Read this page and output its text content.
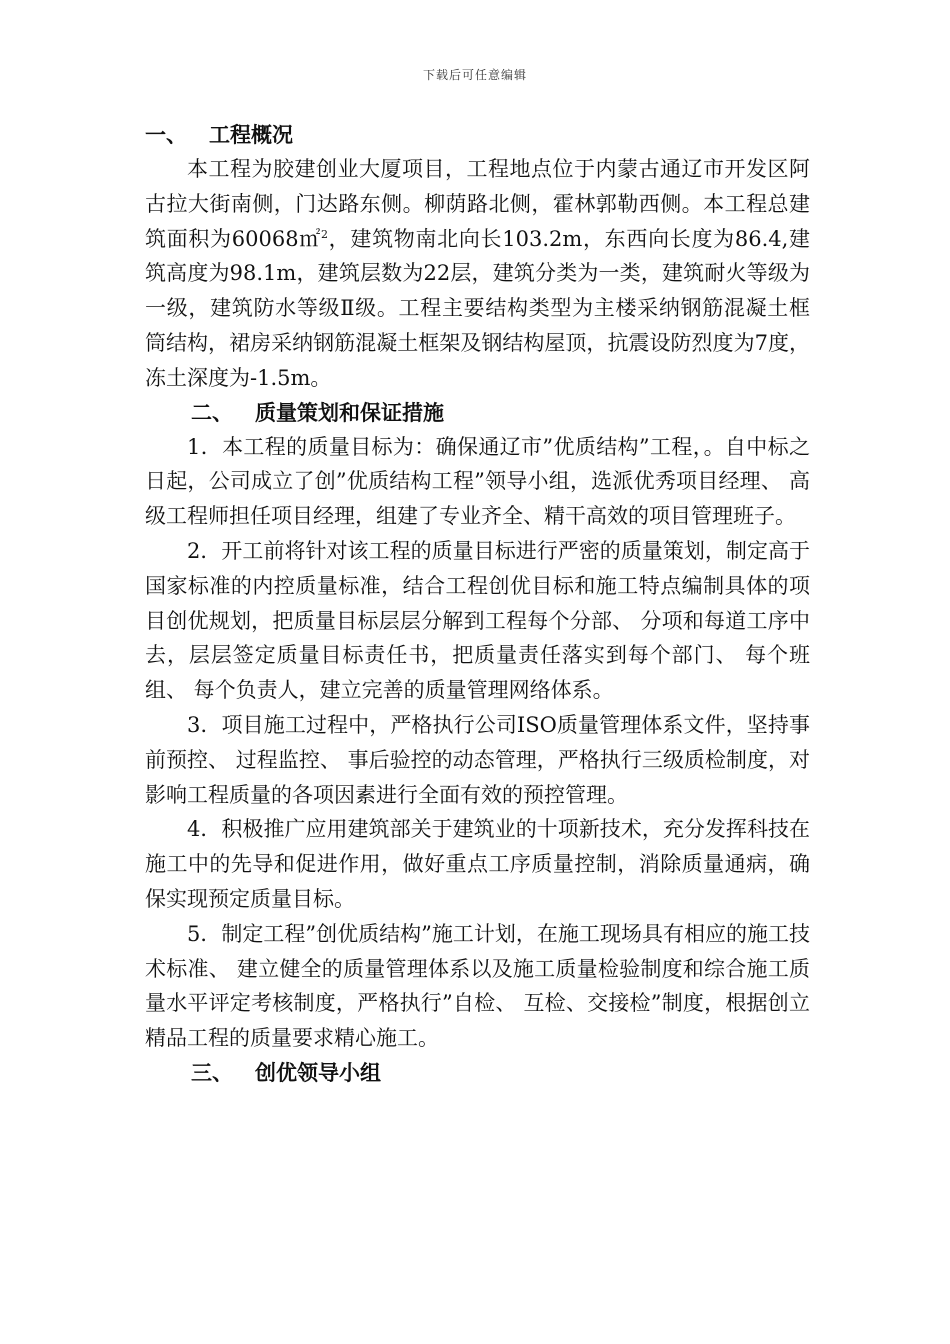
下载后可任意编辑
一、 工程概况

本工程为胶建创业大厦项目，工程地点位于内蒙古通辽市开发区阿古拉大街南侧，门达路东侧。柳荫路北侧，霍林郭勒西侧。本工程总建筑面积为60068㎡$^2$，建筑物南北向长103.2m，东西向长度为86.4,建筑高度为98.1m，建筑层数为22层，建筑分类为一类，建筑耐火等级为一级，建筑防水等级Ⅱ级。工程主要结构类型为主楼采纳钢筋混凝土框筒结构，裙房采纳钢筋混凝土框架及钢结构屋顶，抗震设防烈度为7度，冻土深度为-1.5m。

二、 质量策划和保证措施

1．本工程的质量目标为：确保通辽市”优质结构”工程，。自中标之日起，公司成立了创”优质结构工程”领导小组，选派优秀项目经理、 高级工程师担任项目经理，组建了专业齐全、精干高效的项目管理班子。

2．开工前将针对该工程的质量目标进行严密的质量策划，制定高于国家标准的内控质量标准，结合工程创优目标和施工特点编制具体的项目创优规划，把质量目标层层分解到工程每个分部、 分项和每道工序中去，层层签定质量目标责任书，把质量责任落实到每个部门、 每个班组、 每个负责人，建立完善的质量管理网络体系。

3．项目施工过程中，严格执行公司ISO质量管理体系文件，坚持事前预控、 过程监控、 事后验控的动态管理，严格执行三级质检制度，对影响工程质量的各项因素进行全面有效的预控管理。

4．积极推广应用建筑部关于建筑业的十项新技术，充分发挥科技在施工中的先导和促进作用，做好重点工序质量控制，消除质量通病，确保实现预定质量目标。

5．制定工程”创优质结构”施工计划，在施工现场具有相应的施工技术标准、 建立健全的质量管理体系以及施工质量检验制度和综合施工质量水平评定考核制度，严格执行”自检、 互检、交接检”制度，根据创立精品工程的质量要求精心施工。

三、 创优领导小组
